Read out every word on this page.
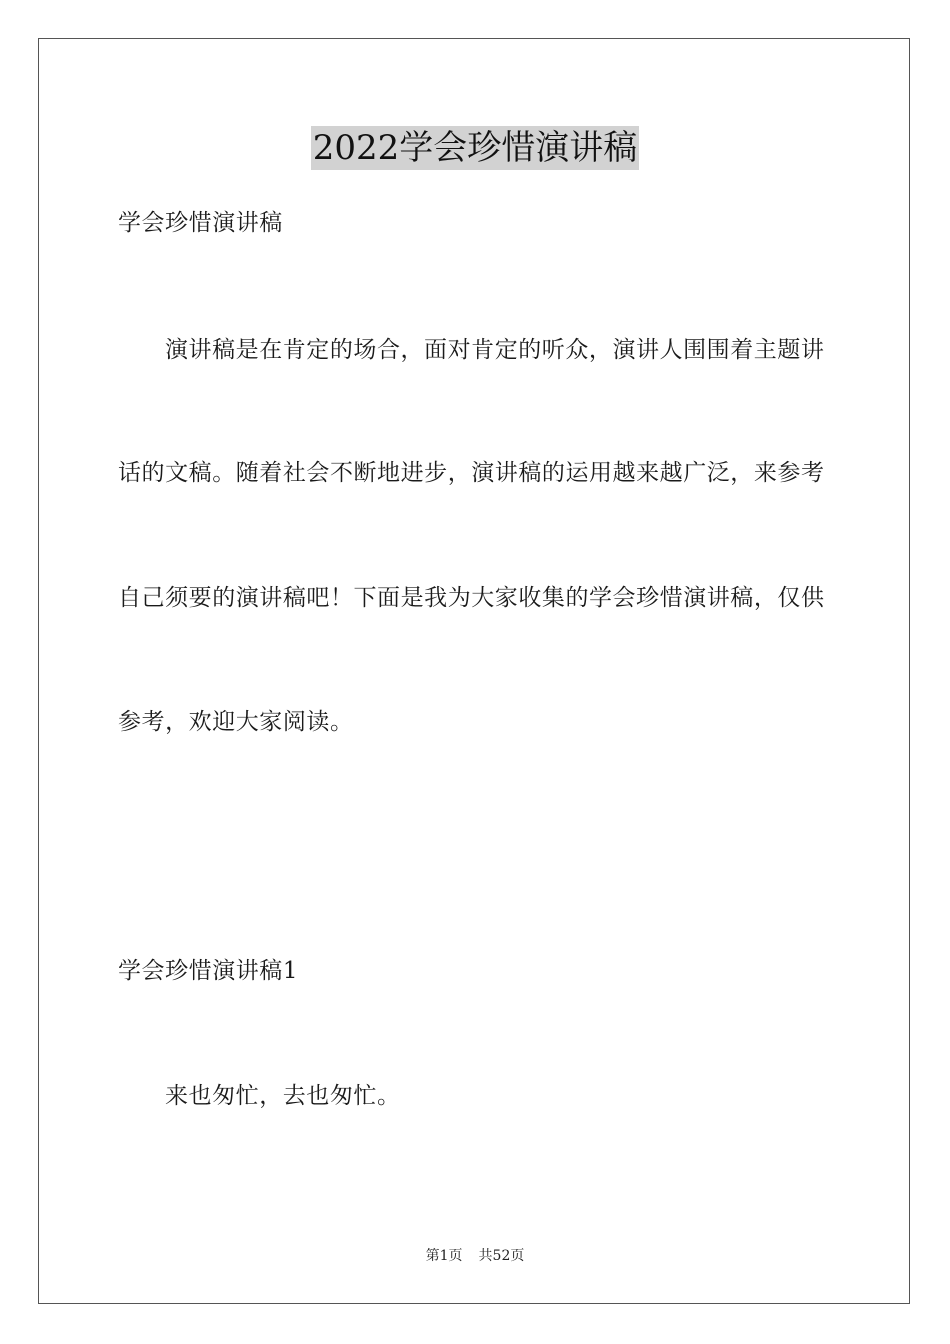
2022学会珍惜演讲稿
学会珍惜演讲稿
演讲稿是在肯定的场合，面对肯定的听众，演讲人围围着主题讲
话的文稿。随着社会不断地进步，演讲稿的运用越来越广泛，来参考
自己须要的演讲稿吧！下面是我为大家收集的学会珍惜演讲稿，仅供
参考，欢迎大家阅读。
学会珍惜演讲稿1
来也匆忙，去也匆忙。
第1页 共52页
